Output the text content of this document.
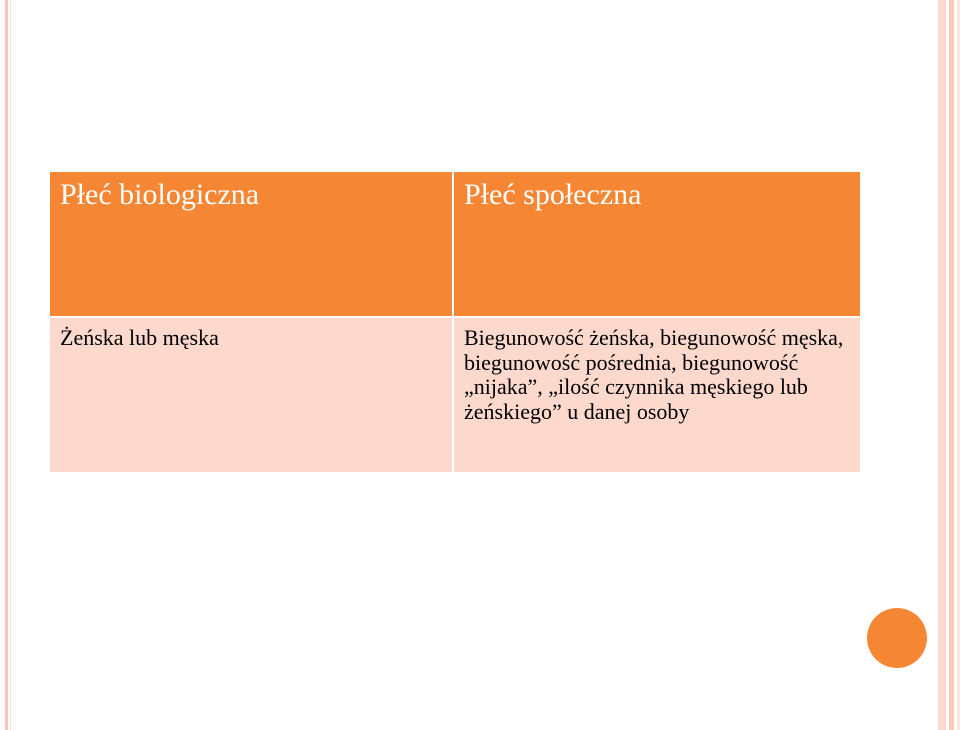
Płeć biologiczna	Płeć społeczna
Żeńska lub męska	Biegunowość żeńska, biegunowość męska, biegunowość pośrednia, biegunowość „nijaka”, „ilość czynnika męskiego lub żeńskiego” u danej osoby
